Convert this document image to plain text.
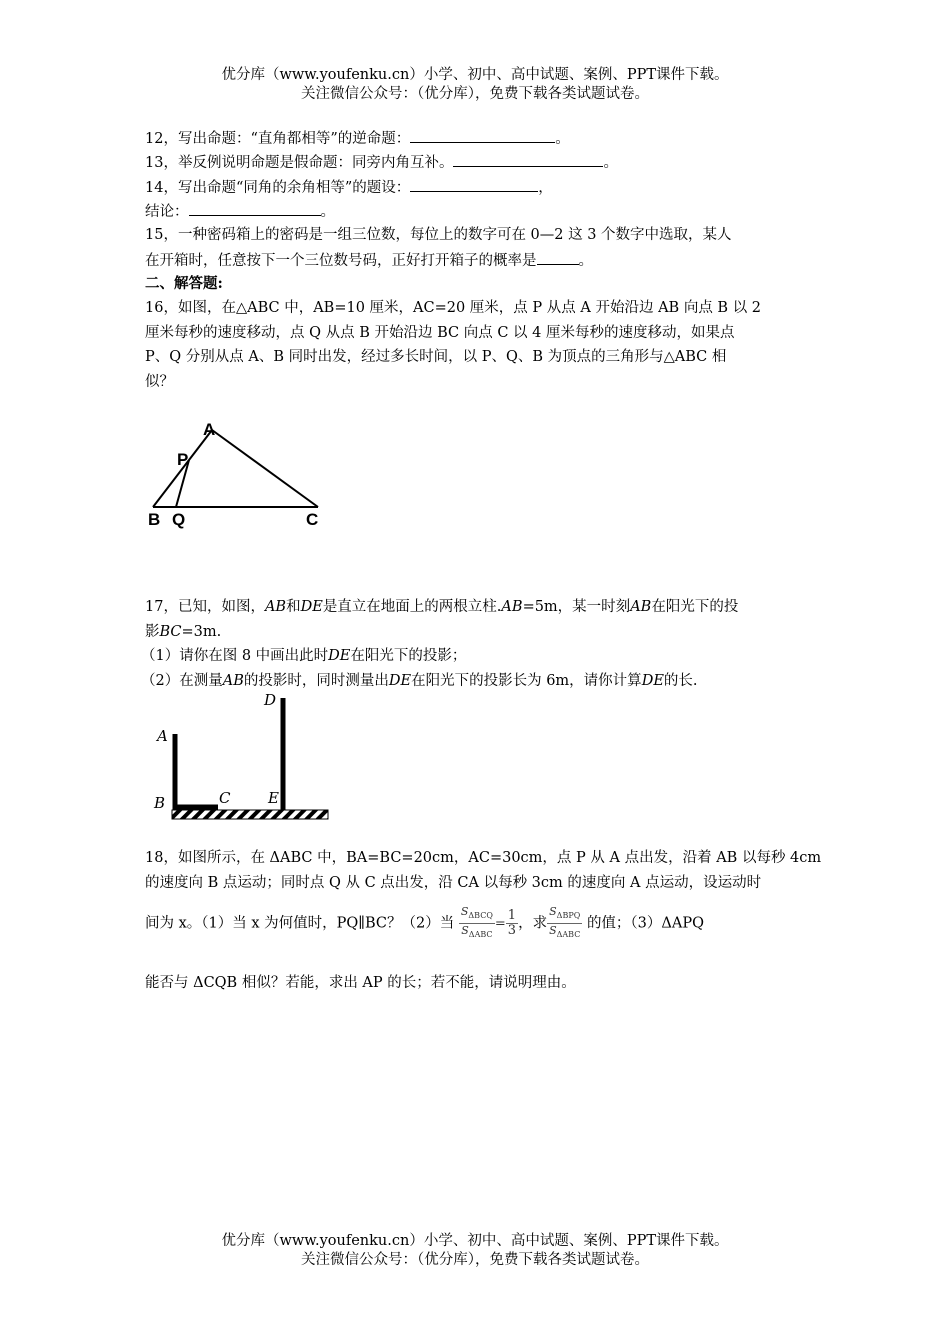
优分库（www.youfenku.cn）小学、初中、高中试题、案例、PPT课件下载。
关注微信公众号：（优分库），免费下载各类试题试卷。
12，写出命题：“直角都相等”的逆命题：	。
13，举反例说明命题是假命题：同旁内角互补。	。
14，写出命题“同角的余角相等”的题设：	，
结论：	。
15，一种密码箱上的密码是一组三位数，每位上的数字可在 0—2 这 3 个数字中选取，某人
在开箱时，任意按下一个三位数号码，正好打开箱子的概率是	。
二、解答题:
16，如图，在△ABC 中，AB=10 厘米，AC=20 厘米，点 P 从点 A 开始沿边 AB 向点 B 以 2
厘米每秒的速度移动，点 Q 从点 B 开始沿边 BC 向点 C 以 4 厘米每秒的速度移动，如果点
P、Q 分别从点 A、B 同时出发，经过多长时间，以 P、Q、B 为顶点的三角形与△ABC 相
似？
17，已知，如图，AB和DE是直立在地面上的两根立柱.AB=5m，某一时刻AB在阳光下的投
影BC=3m.
（1）请你在图 8 中画出此时DE在阳光下的投影；
（2）在测量AB的投影时，同时测量出DE在阳光下的投影长为 6m，请你计算DE的长.
18，如图所示，在 ΔABC 中，BA=BC=20cm，AC=30cm，点 P 从 A 点出发，沿着 AB 以每秒 4cm
的速度向 B 点运动；同时点 Q 从 C 点出发，沿 CA 以每秒 3cm 的速度向 A 点运动，设运动时
间为 x。（1）当 x 为何值时，PQ∥BC？（2）当 $\frac{S_{\Delta BCQ}}{S_{\Delta ABC}} = \frac{1}{3}$ ，求 $\frac{S_{\Delta BPQ}}{S_{\Delta ABC}}$ 的值；（3）ΔAPQ
能否与 ΔCQB 相似？若能，求出 AP 的长；若不能，请说明理由。
A
P
B Q	C
A
B	C
D
E
优分库（www.youfenku.cn）小学、初中、高中试题、案例、PPT课件下载。
关注微信公众号：（优分库），免费下载各类试题试卷。
